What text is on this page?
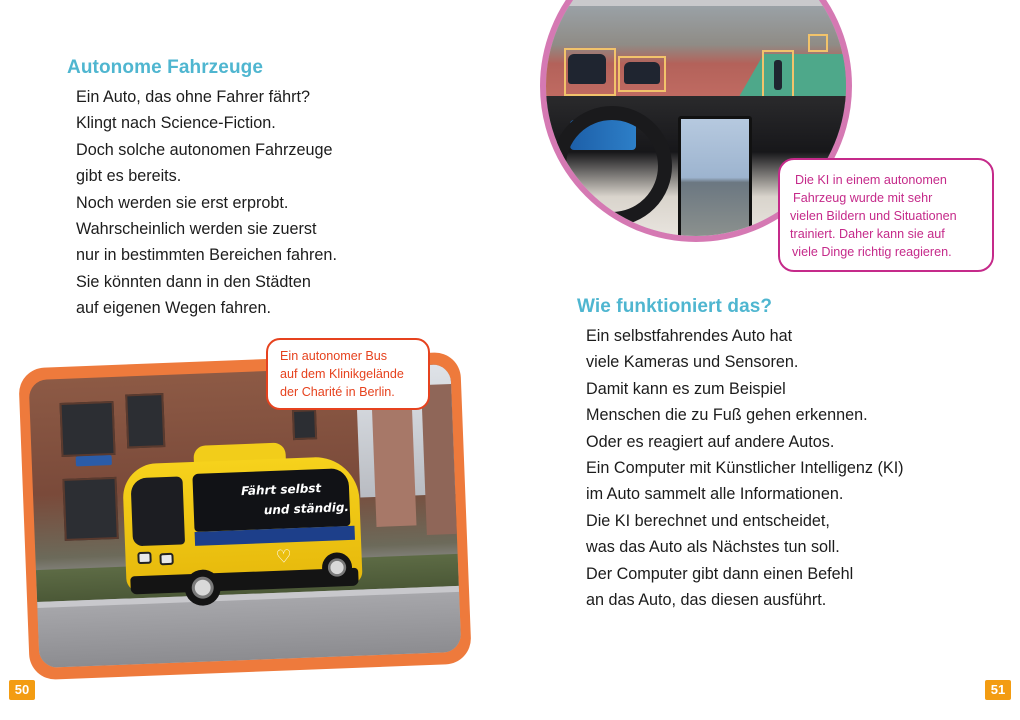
Autonome Fahrzeuge
Ein Auto, das ohne Fahrer fährt?
Klingt nach Science-Fiction.
Doch solche autonomen Fahrzeuge
gibt es bereits.
Noch werden sie erst erprobt.
Wahrscheinlich werden sie zuerst
nur in bestimmten Bereichen fahren.
Sie könnten dann in den Städten
auf eigenen Wegen fahren.
Fährt selbst
und ständig.
♡
Ein autonomer Bus
auf dem Klinikgelände
der Charité in Berlin.
50
Die KI in einem autonomen
Fahrzeug wurde mit sehr
vielen Bildern und Situationen
trainiert. Daher kann sie auf
viele Dinge richtig reagieren.
Wie funktioniert das?
Ein selbstfahrendes Auto hat
viele Kameras und Sensoren.
Damit kann es zum Beispiel
Menschen die zu Fuß gehen erkennen.
Oder es reagiert auf andere Autos.
Ein Computer mit Künstlicher Intelligenz (KI)
im Auto sammelt alle Informationen.
Die KI berechnet und entscheidet,
was das Auto als Nächstes tun soll.
Der Computer gibt dann einen Befehl
an das Auto, das diesen ausführt.
51
